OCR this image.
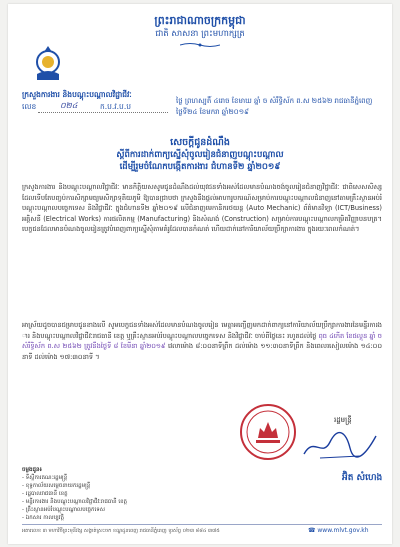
ព្រះរាជាណាចក្រកម្ពុជា
ជាតិ សាសនា ព្រះមហាក្សត្រ
ក្រសួងការងារ និងបណ្តុះបណ្តាលវិជ្ជាជីវៈ
លេខ	០២៤	ក.ប.វ.ប.ប
ថ្ងៃ ព្រហស្បតិ៍ ៤រោច ខែមាឃ ឆ្នាំ ច សំរឹទ្ធិស័ក ព.ស ២៥៦២ រាជធានីភ្នំពេញ ថ្ងៃទី២៤ ខែមករា ឆ្នាំ២០១៩
សេចក្តីជូនដំណឹង
ស្តីពីការដាក់ពាក្យស្នើសុំចូលរៀនជំនាញបណ្តុះបណ្តាល
ដើម្បីរួមចំណែកបង្កើតការងារ ជំហានទី២ ឆ្នាំ២០១៩
ក្រសួងការងារ និងបណ្តុះបណ្តាលវិជ្ជាជីវៈ មានកិត្តិយសសូមជូនដំណឹងដល់យុវជនទាំងអស់ដែលមានបំណងចង់ចូលរៀនជំនាញវិជ្ជាជីវៈ ជាពិសេសសិស្សដែលទើបតែបញ្ចប់ការសិក្សាមធ្យមសិក្សាទុតិយភូមិ ឱ្យបានជ្រាបថា ក្រសួងនឹងផ្តល់អាហារូបករណ៍សម្រាប់ការបណ្តុះបណ្តាលជំនាញនៅតាមគ្រឹះស្ថានអប់រំបណ្តុះបណ្តាលបច្ចេកទេស និងវិជ្ជាជីវៈ ក្នុងជំហានទី២ ឆ្នាំ២០១៩ លើជំនាញមេកានិករថយន្ត (Auto Mechanic) ព័ត៌មានវិទ្យា (ICT/Business) អគ្គិសនី (Electrical Works) ការផលិតកម្ម (Manufacturing) និងសំណង់ (Construction) សម្រាប់ការបណ្តុះបណ្តាលកម្រិតវិញ្ញាបនបត្រ។ បេក្ខជនដែលមានបំណងចូលរៀនត្រូវបំពេញពាក្យស្នើសុំតាមគំរូដែលបានកំណត់ ហើយដាក់នៅការិយាល័យប្រឹក្សាការងារ ក្នុងរយៈពេលកំណត់។
អាស្រ័យដូចបានជម្រាបជូនខាងលើ សូមបេក្ខជនទាំងអស់ដែលមានបំណងចូលរៀន មេត្តាអញ្ជើញមកដាក់ពាក្យនៅការិយាល័យប្រឹក្សាការងារនៃមន្ទីរការងារ និងបណ្តុះបណ្តាលវិជ្ជាជីវៈរាជធានី ខេត្ត ឬគ្រឹះស្ថានអប់រំបណ្តុះបណ្តាលបច្ចេកទេស និងវិជ្ជាជីវៈ ចាប់ពីថ្ងៃនេះ រហូតដល់ថ្ងៃ ពុធ ៤កើត ខែផល្គុន ឆ្នាំ ច សំរឹទ្ធិស័ក ព.ស ២៥៦២ ត្រូវនឹងថ្ងៃទី ៨ ខែមីនា ឆ្នាំ២០១៩ វេលាម៉ោង ៨:០០នាទីព្រឹក ដល់ម៉ោង ១១:៣០នាទីព្រឹក និងពេលរសៀលម៉ោង ១៤:០០នាទី ដល់ម៉ោង ១៧:៣០នាទី ។
រដ្ឋមន្ត្រី
អ៊ិត សំហេង
ចម្លងជូន៖
- ទីស្តីការគណៈរដ្ឋមន្ត្រី
- ខុទ្ទកាល័យសម្តេចនាយករដ្ឋមន្ត្រី
- រដ្ឋបាលរាជធានី ខេត្ត
- មន្ទីរការងារ និងបណ្តុះបណ្តាលវិជ្ជាជីវៈរាជធានី ខេត្ត
- គ្រឹះស្ថានអប់រំបណ្តុះបណ្តាលបច្ចេកទេស
- ឯកសារ កាលប្បវត្តិ
អគារលេខ ៣ មហាវិថីព្រះមុនីវង្ស សង្កាត់ស្រះចក ខណ្ឌដូនពេញ រាជធានីភ្នំពេញ ទូរស័ព្ទ ០២៣ ៨៨៤ ៣៧៥	☎ www.mlvt.gov.kh
